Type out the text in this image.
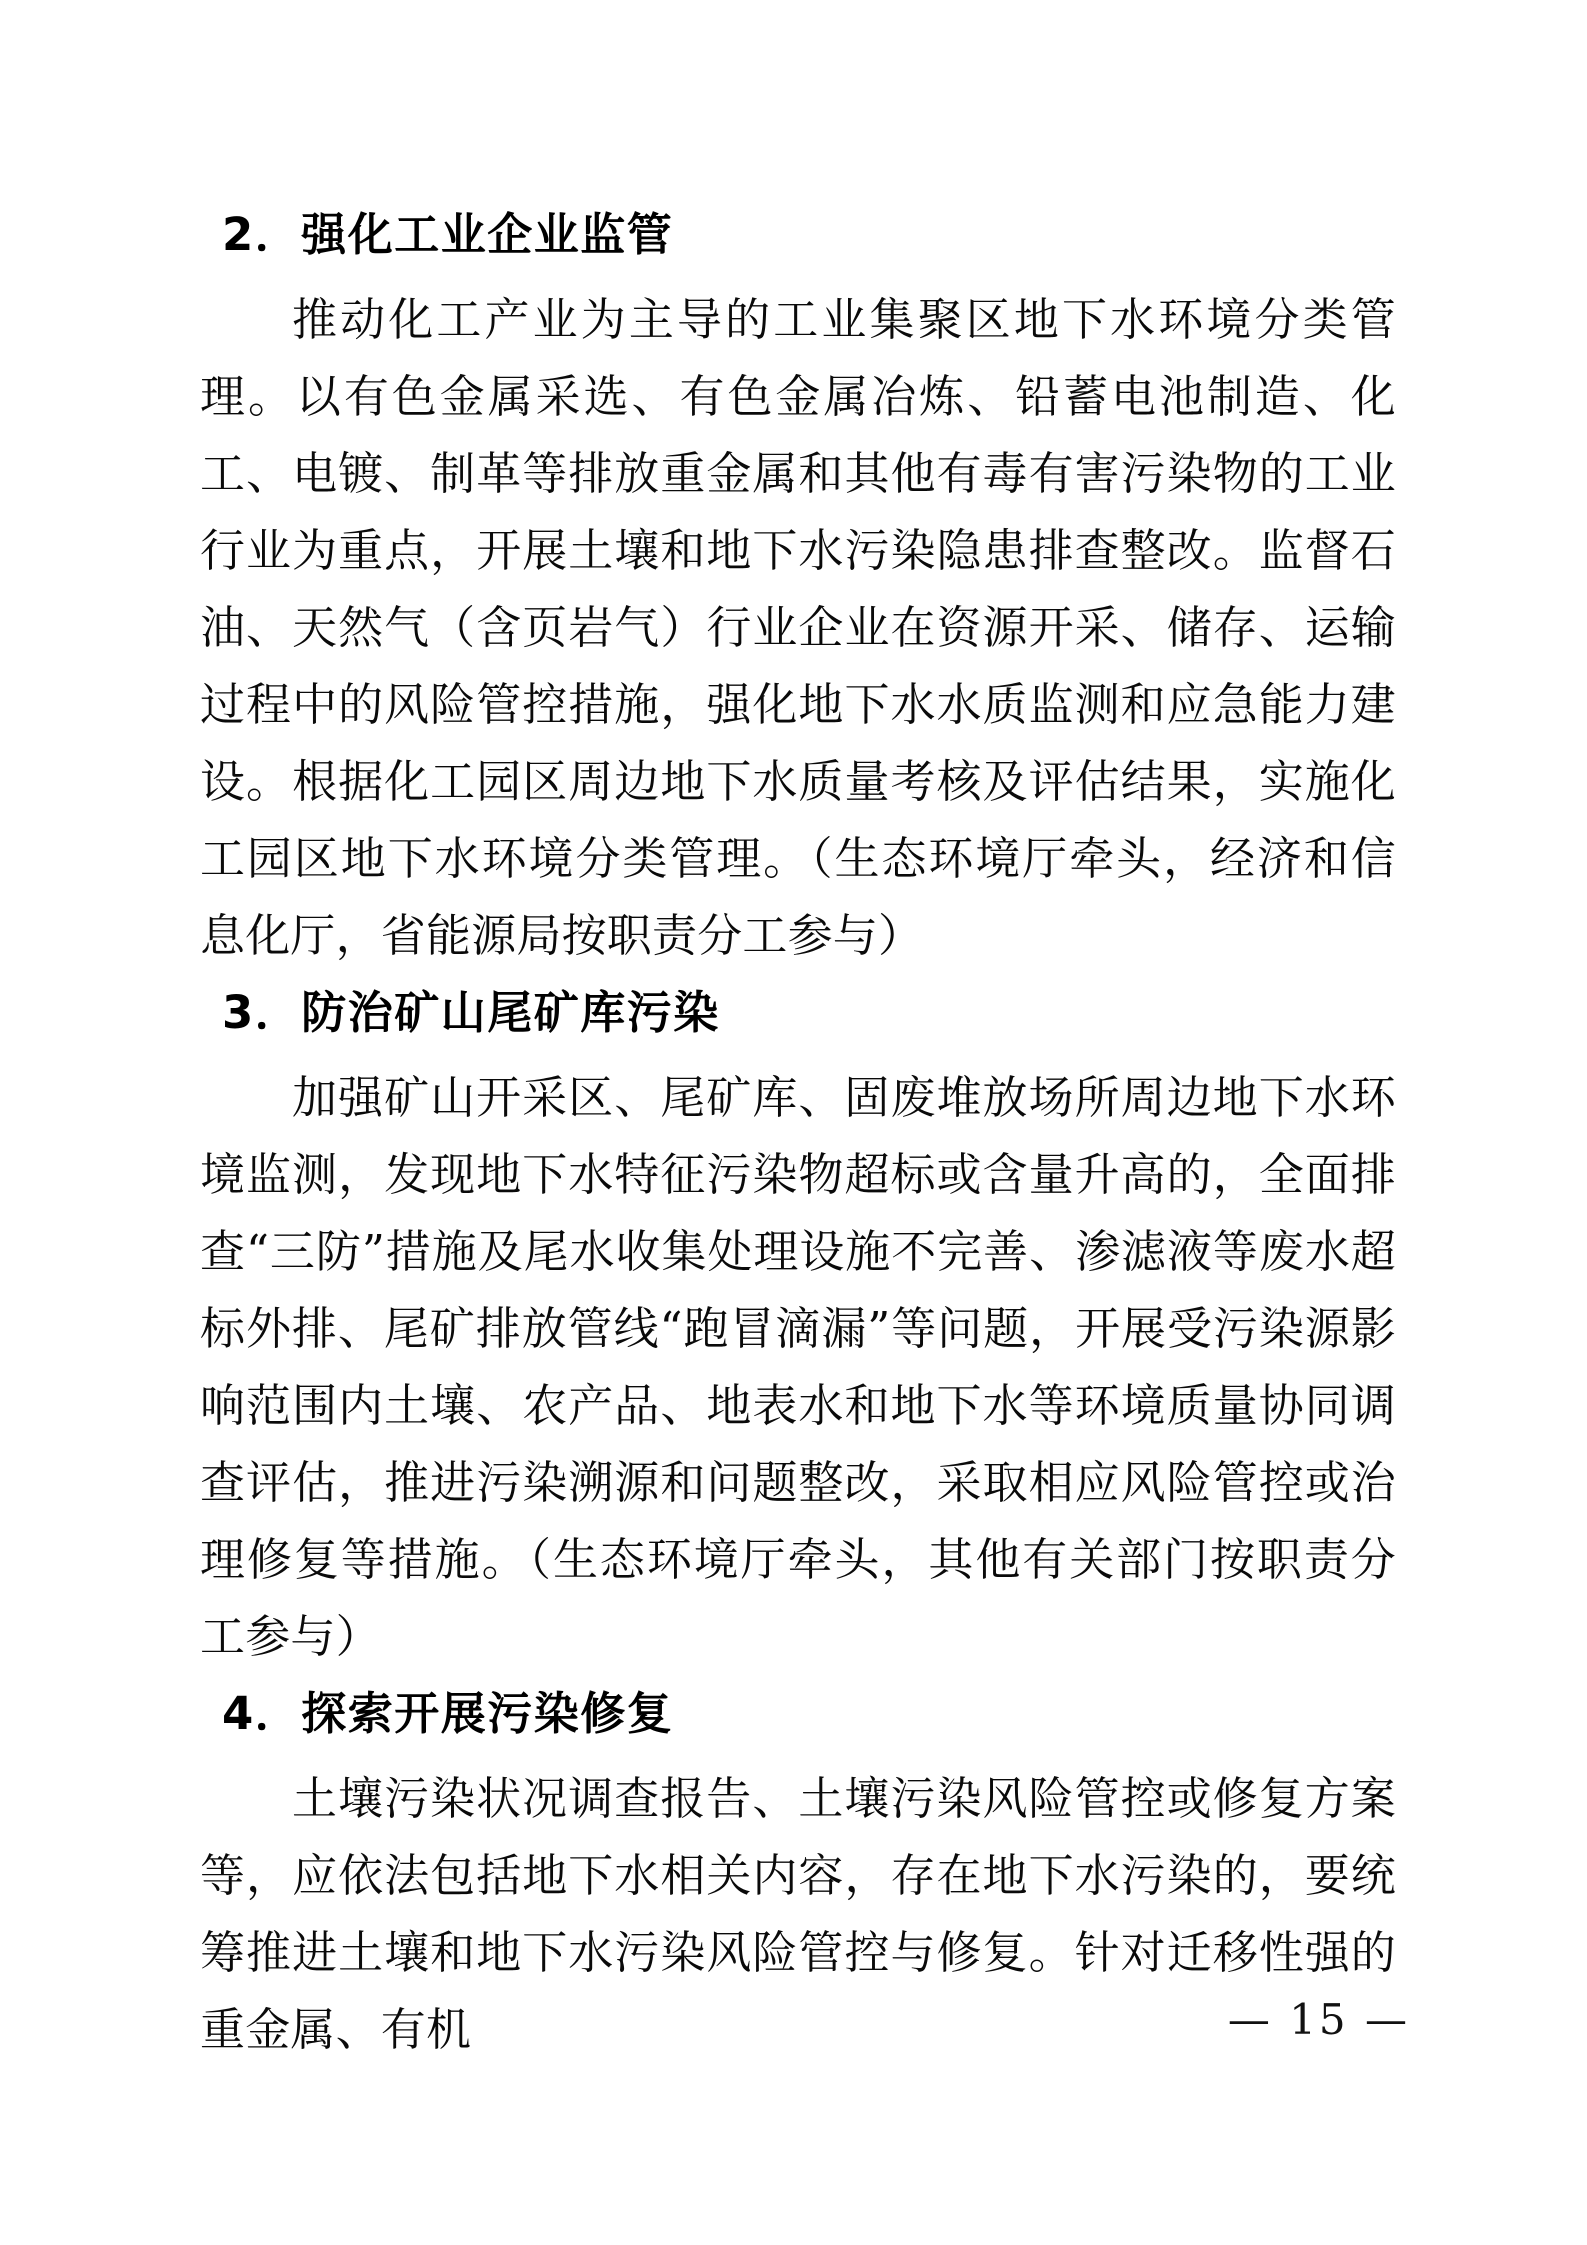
2．强化工业企业监管

推动化工产业为主导的工业集聚区地下水环境分类管理。以有色金属采选、有色金属冶炼、铅蓄电池制造、化工、电镀、制革等排放重金属和其他有毒有害污染物的工业行业为重点，开展土壤和地下水污染隐患排查整改。监督石油、天然气（含页岩气）行业企业在资源开采、储存、运输过程中的风险管控措施，强化地下水水质监测和应急能力建设。根据化工园区周边地下水质量考核及评估结果，实施化工园区地下水环境分类管理。（生态环境厅牵头，经济和信息化厅，省能源局按职责分工参与）

3．防治矿山尾矿库污染

加强矿山开采区、尾矿库、固废堆放场所周边地下水环境监测，发现地下水特征污染物超标或含量升高的，全面排查“三防”措施及尾水收集处理设施不完善、渗滤液等废水超标外排、尾矿排放管线“跑冒滴漏”等问题，开展受污染源影响范围内土壤、农产品、地表水和地下水等环境质量协同调查评估，推进污染溯源和问题整改，采取相应风险管控或治理修复等措施。（生态环境厅牵头，其他有关部门按职责分工参与）

4．探索开展污染修复

土壤污染状况调查报告、土壤污染风险管控或修复方案等，应依法包括地下水相关内容，存在地下水污染的，要统筹推进土壤和地下水污染风险管控与修复。针对迁移性强的重金属、有机	— 15 —
